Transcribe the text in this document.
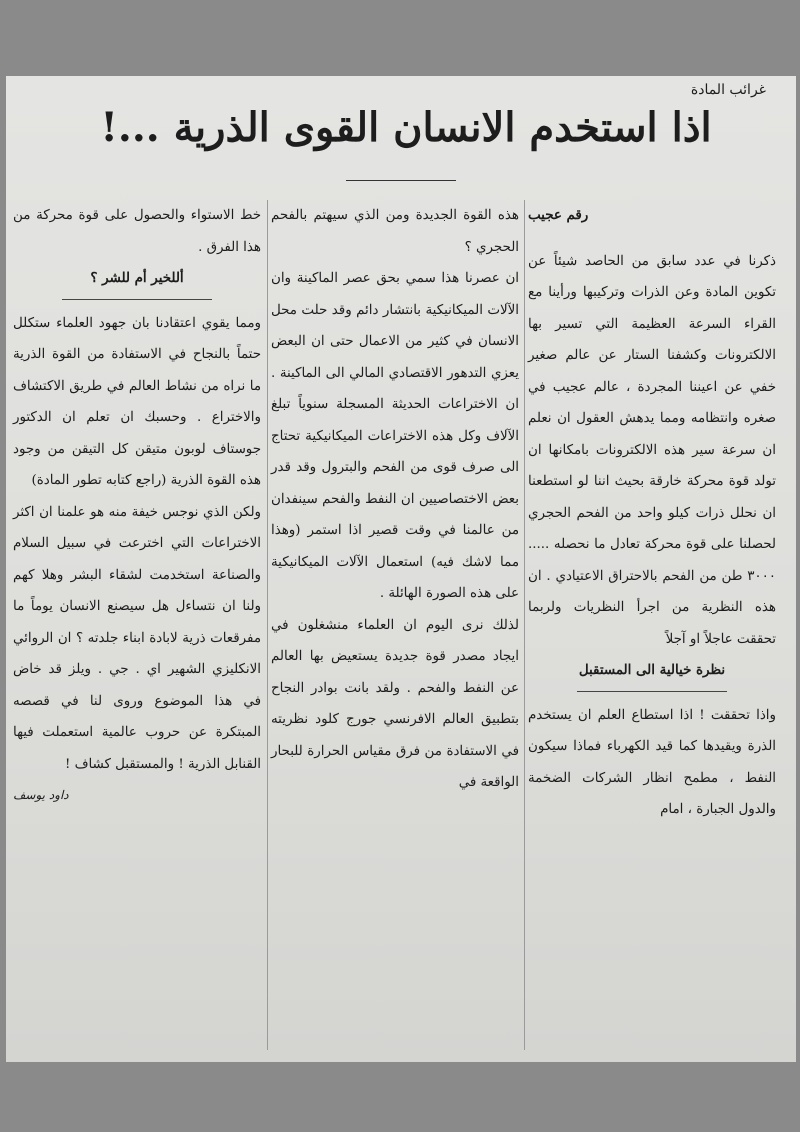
غرائب المادة
اذا استخدم الانسان القوى الذرية ...!

رقم عجيب

ذكرنا في عدد سابق من الحاصد شيئاً عن تكوين المادة وعن الذرات وتركيبها ورأينا مع القراء السرعة العظيمة التي تسير بها الالكترونات وكشفنا الستار عن عالم صغير خفي عن اعيننا المجردة ، عالم عجيب في صغره وانتظامه ومما يدهش العقول ان نعلم ان سرعة سير هذه الالكترونات بامكانها ان تولد قوة محركة خارقة بحيث اننا لو استطعنا ان نحلل ذرات كيلو واحد من الفحم الحجري لحصلنا على قوة محركة تعادل ما نحصله ..... ٣٠٠٠ طن من الفحم بالاحتراق الاعتيادي . ان هذه النظرية من اجرأ النظريات ولربما تحققت عاجلاً او آجلاً

نظرة خيالية الى المستقبل

واذا تحققت ! اذا استطاع العلم ان يستخدم الذرة ويقيدها كما قيد الكهرباء فماذا سيكون النفط ، مطمح انظار الشركات الضخمة والدول الجبارة ، امام

هذه القوة الجديدة ومن الذي سيهتم بالفحم الحجري ؟

ان عصرنا هذا سمي بحق عصر الماكينة وان الآلات الميكانيكية بانتشار دائم وقد حلت محل الانسان في كثير من الاعمال حتى ان البعض يعزي التدهور الاقتصادي المالي الى الماكينة . ان الاختراعات الحديثة المسجلة سنوياً تبلغ الآلاف وكل هذه الاختراعات الميكانيكية تحتاج الى صرف قوى من الفحم والبترول وقد قدر بعض الاختصاصيين ان النفط والفحم سينفدان من عالمنا في وقت قصير اذا استمر (وهذا مما لاشك فيه) استعمال الآلات الميكانيكية على هذه الصورة الهائلة .

لذلك نرى اليوم ان العلماء منشغلون في ايجاد مصدر قوة جديدة يستعيض بها العالم عن النفط والفحم . ولقد بانت بوادر النجاح بتطبيق العالم الافرنسي جورج كلود نظريته في الاستفادة من فرق مقياس الحرارة للبحار الواقعة في

خط الاستواء والحصول على قوة محركة من هذا الفرق .

أللخير أم للشر ؟

ومما يقوي اعتقادنا بان جهود العلماء ستكلل حتماً بالنجاح في الاستفادة من القوة الذرية ما نراه من نشاط العالم في طريق الاكتشاف والاختراع . وحسبك ان تعلم ان الدكتور جوستاف لوبون متيقن كل التيقن من وجود هذه القوة الذرية (راجع كتابه تطور المادة)

ولكن الذي نوجس خيفة منه هو علمنا ان اكثر الاختراعات التي اخترعت في سبيل السلام والصناعة استخدمت لشقاء البشر وهلا كهم ولنا ان نتساءل هل سيصنع الانسان يوماً ما مفرقعات ذرية لابادة ابناء جلدته ؟ ان الروائي الانكليزي الشهير اي . جي . ويلز قد خاض في هذا الموضوع وروى لنا في قصصه المبتكرة عن حروب عالمية استعملت فيها القنابل الذرية ! والمستقبل كشاف !

داود يوسف
